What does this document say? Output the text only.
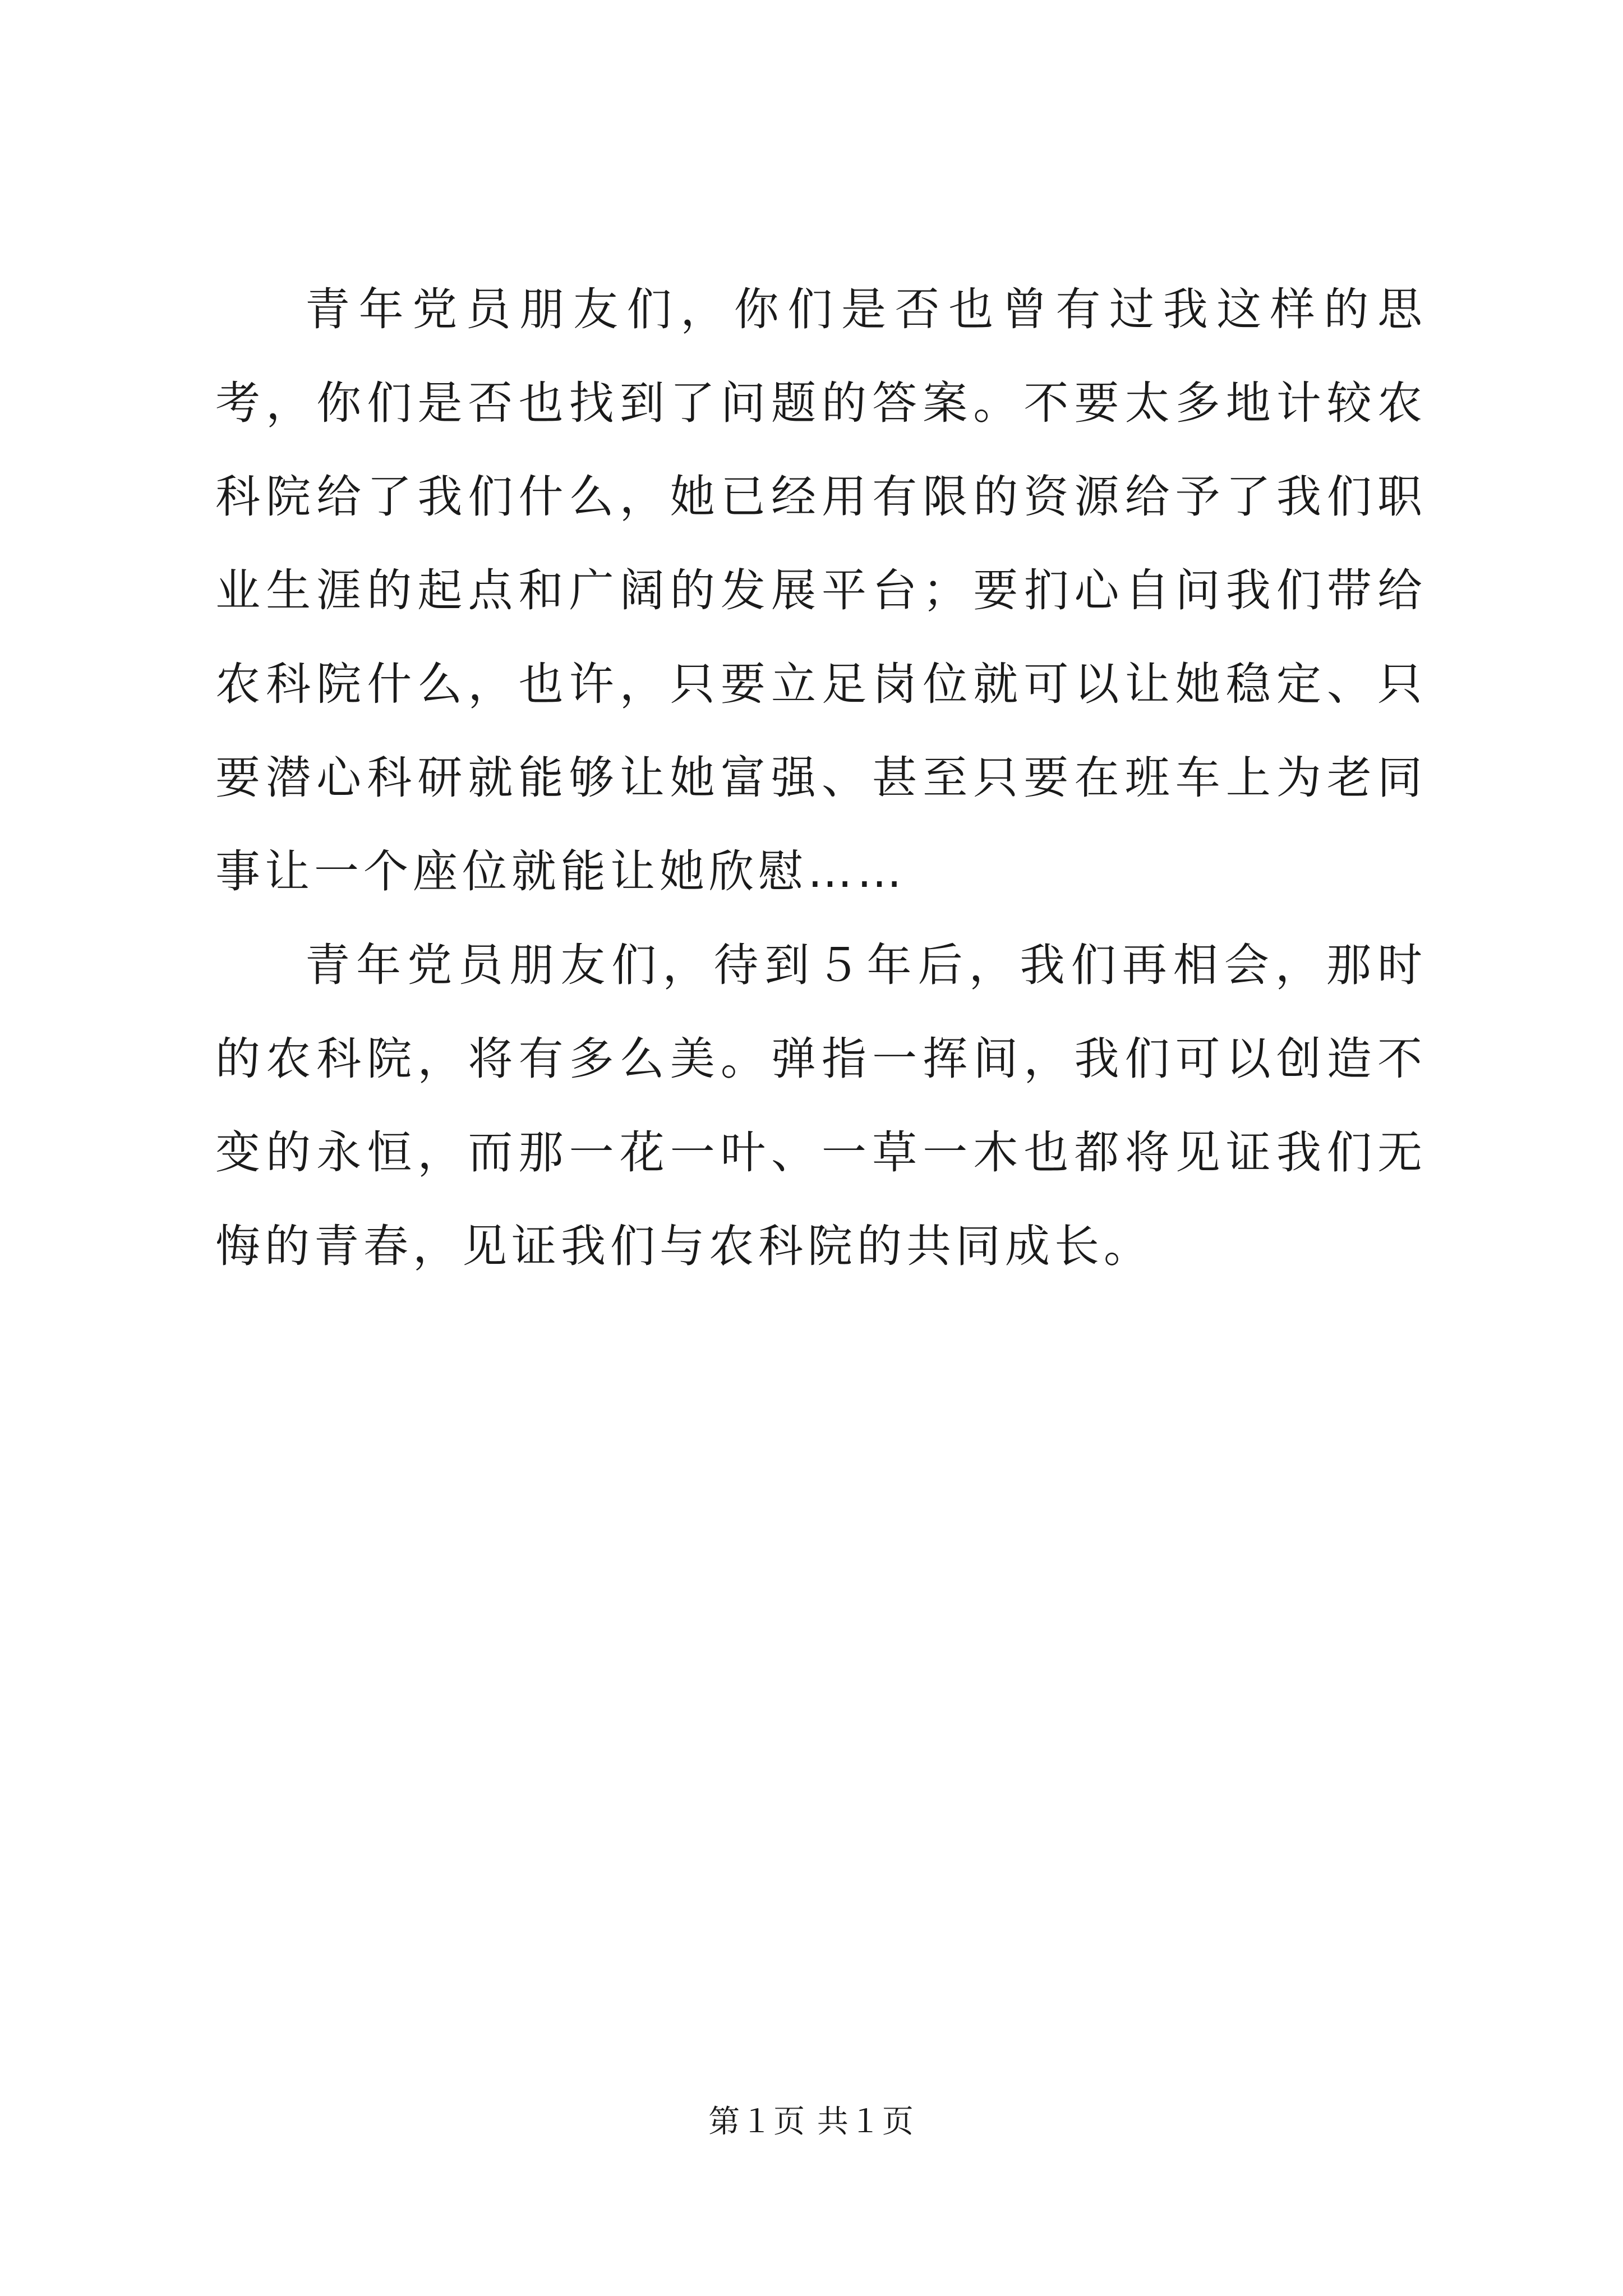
青年党员朋友们，你们是否也曾有过我这样的思考，你们是否也找到了问题的答案。不要太多地计较农科院给了我们什么，她已经用有限的资源给予了我们职业生涯的起点和广阔的发展平台；要扪心自问我们带给农科院什么，也许，只要立足岗位就可以让她稳定、只要潜心科研就能够让她富强、甚至只要在班车上为老同事让一个座位就能让她欣慰……

青年党员朋友们，待到５年后，我们再相会，那时的农科院，将有多么美。弹指一挥间，我们可以创造不变的永恒，而那一花一叶、一草一木也都将见证我们无悔的青春，见证我们与农科院的共同成长。

第１页 共１页
